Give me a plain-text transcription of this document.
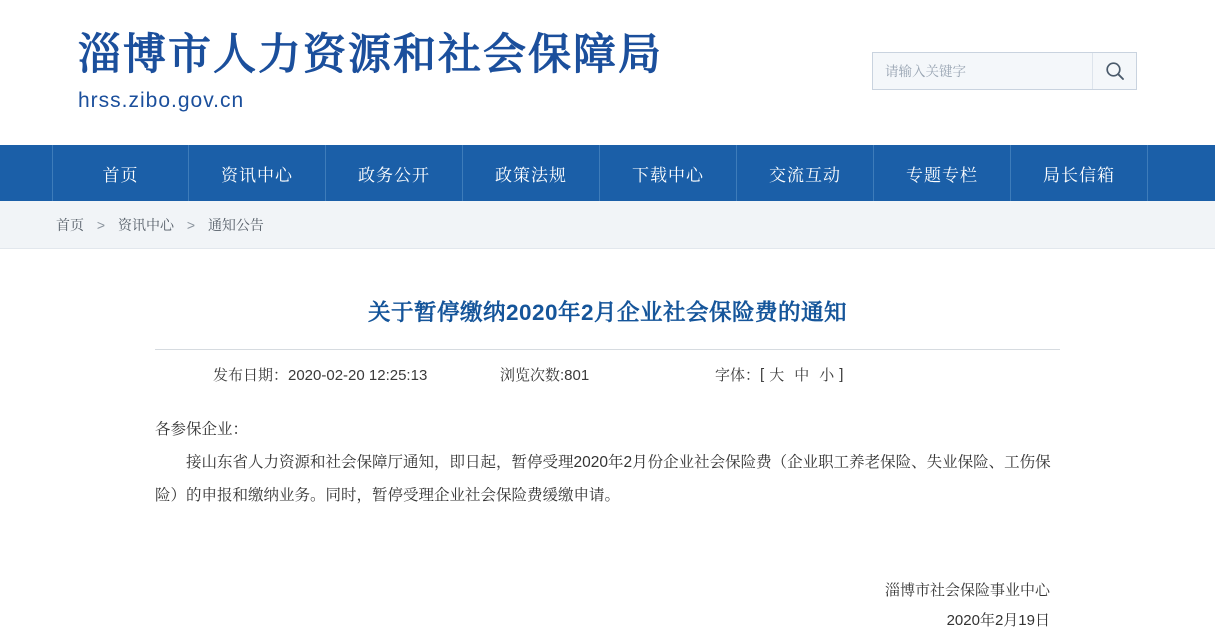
淄博市人力资源和社会保障局
hrss.zibo.gov.cn
请输入关键字
首页	资讯中心	政务公开	政策法规	下载中心	交流互动	专题专栏	局长信箱
首页 > 资讯中心 > 通知公告
关于暂停缴纳2020年2月企业社会保险费的通知
发布日期：2020-02-20 12:25:13	浏览次数:801	字体： [ 大 中 小 ]

各参保企业：

接山东省人力资源和社会保障厅通知，即日起，暂停受理2020年2月份企业社会保险费（企业职工养老保险、失业保险、工伤保险）的申报和缴纳业务。同时，暂停受理企业社会保险费缓缴申请。

淄博市社会保险事业中心
2020年2月19日
